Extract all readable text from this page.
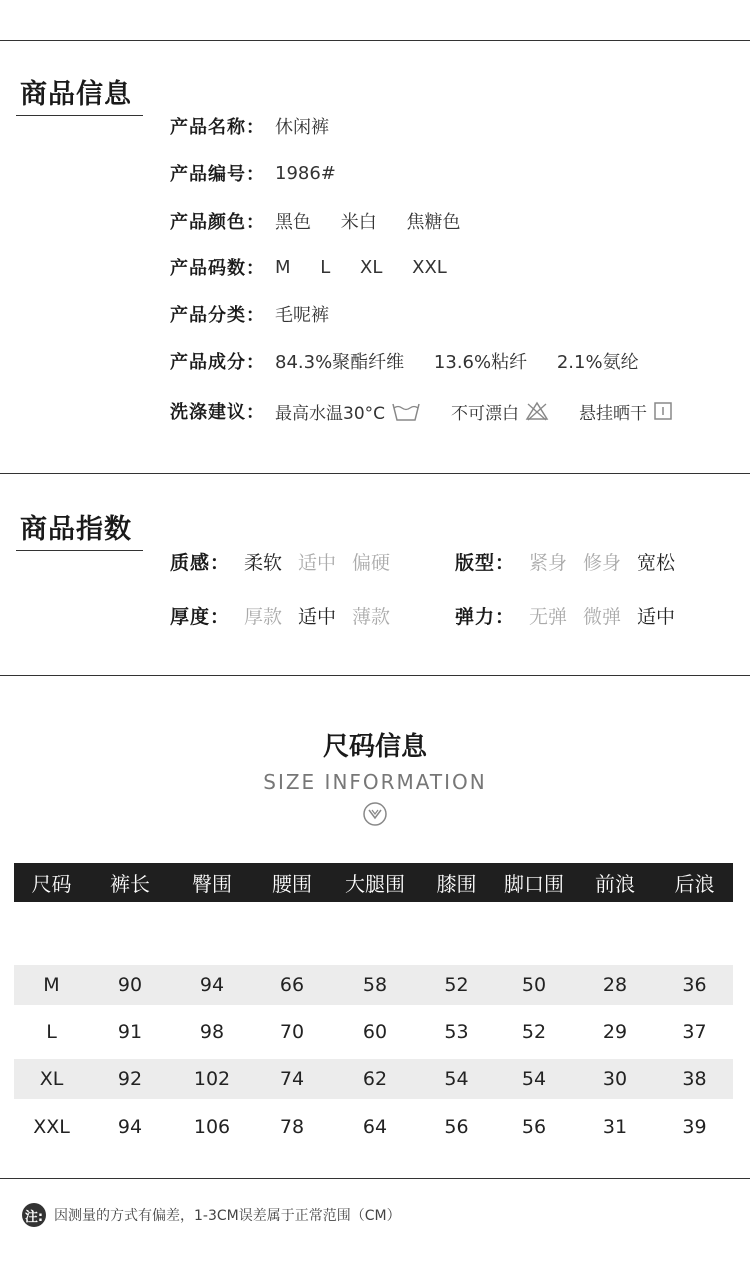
商品信息
产品名称： 休闲裤
产品编号： 1986#
产品颜色： 黑色 米白 焦糖色
产品码数： M L XL XXL
产品分类： 毛呢裤
产品成分： 84.3%聚酯纤维 13.6%粘纤 2.1%氨纶
洗涤建议： 最高水温30°C	不可漂白	悬挂晒干
商品指数
质感： 柔软 适中 偏硬	版型： 紧身 修身 宽松
厚度： 厚款 适中 薄款	弹力： 无弹 微弹 适中
尺码信息
SIZE INFORMATION
尺码	裤长	臀围	腰围	大腿围	膝围	脚口围	前浪	后浪
M	90	94	66	58	52	50	28	36
L	91	98	70	60	53	52	29	37
XL	92	102	74	62	54	54	30	38
XXL	94	106	78	64	56	56	31	39
注: 因测量的方式有偏差，1-3CM误差属于正常范围（CM）
